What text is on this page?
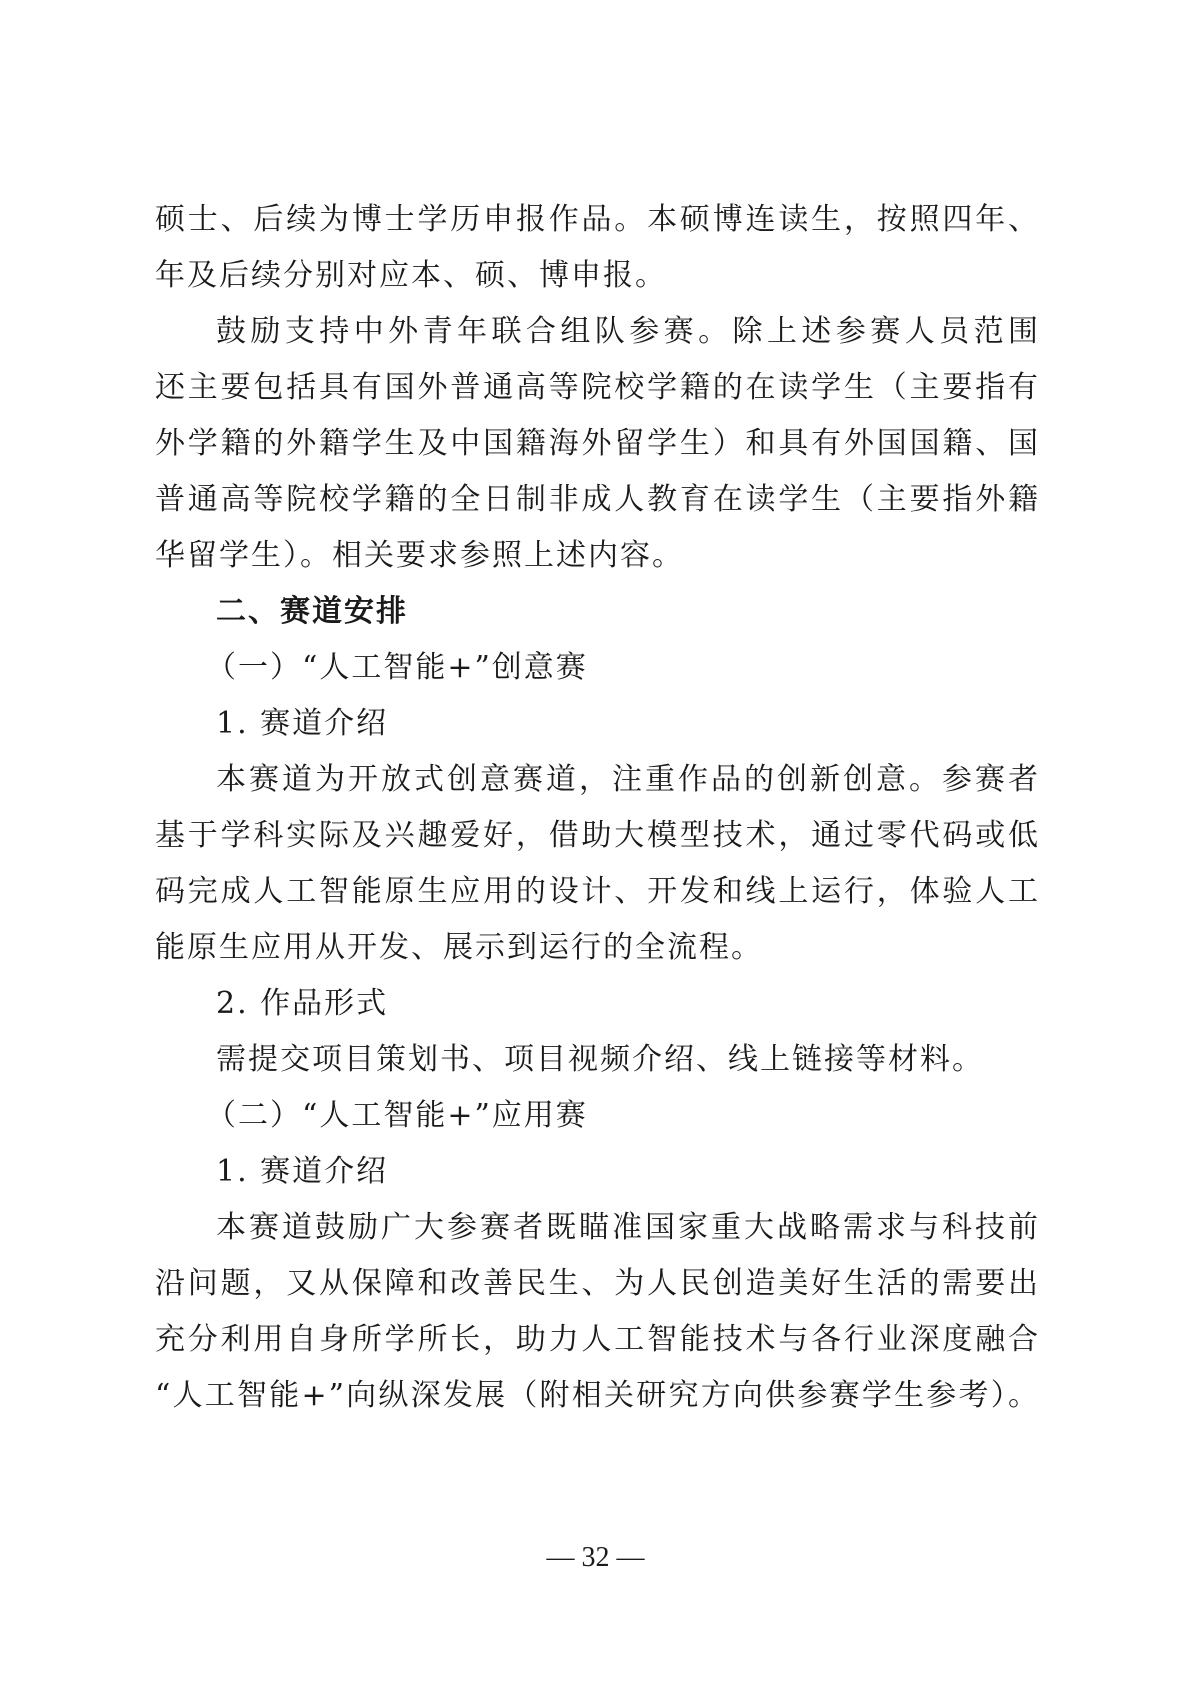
硕士、后续为博士学历申报作品。本硕博连读生，按照四年、
年及后续分别对应本、硕、博申报。
鼓励支持中外青年联合组队参赛。除上述参赛人员范围
还主要包括具有国外普通高等院校学籍的在读学生（主要指有
外学籍的外籍学生及中国籍海外留学生）和具有外国国籍、国
普通高等院校学籍的全日制非成人教育在读学生（主要指外籍
华留学生）。相关要求参照上述内容。
二、赛道安排
（一）“人工智能+”创意赛
1. 赛道介绍
本赛道为开放式创意赛道，注重作品的创新创意。参赛者
基于学科实际及兴趣爱好，借助大模型技术，通过零代码或低
码完成人工智能原生应用的设计、开发和线上运行，体验人工
能原生应用从开发、展示到运行的全流程。
2. 作品形式
需提交项目策划书、项目视频介绍、线上链接等材料。
（二）“人工智能+”应用赛
1. 赛道介绍
本赛道鼓励广大参赛者既瞄准国家重大战略需求与科技前
沿问题，又从保障和改善民生、为人民创造美好生活的需要出
充分利用自身所学所长，助力人工智能技术与各行业深度融合
“人工智能+”向纵深发展（附相关研究方向供参赛学生参考）。
— 32 —
